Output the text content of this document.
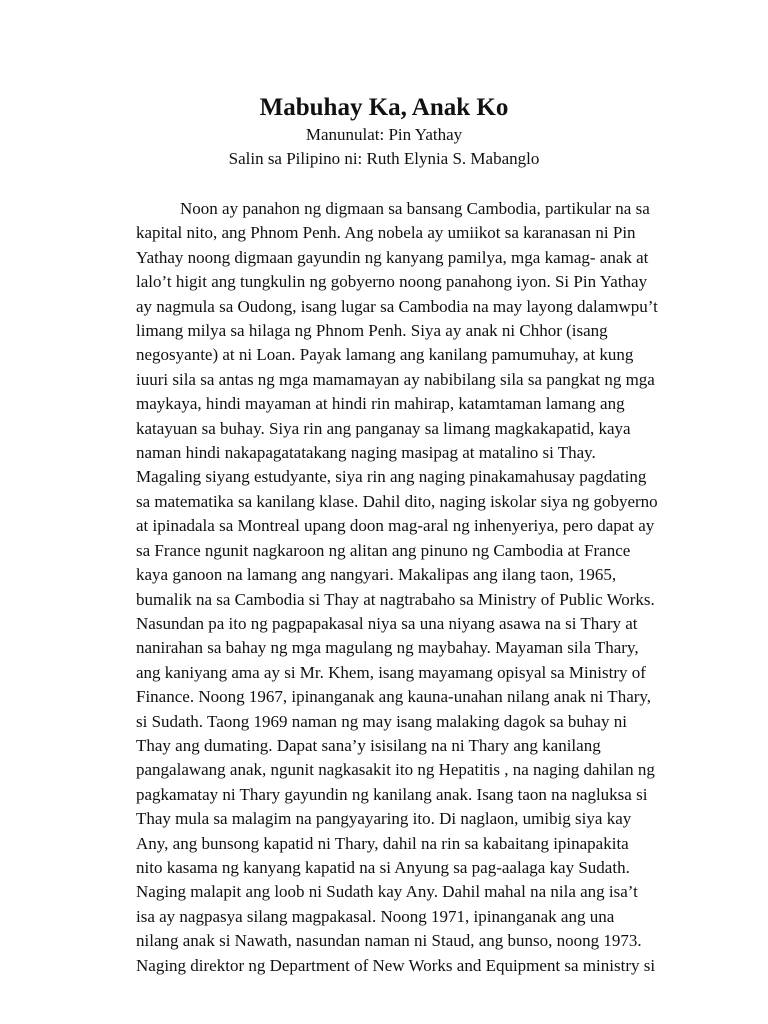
Mabuhay Ka, Anak Ko

Manunulat: Pin Yathay

Salin sa Pilipino ni: Ruth Elynia S. Mabanglo

Noon ay panahon ng digmaan sa bansang Cambodia, partikular na sa
kapital nito, ang Phnom Penh. Ang nobela ay umiikot sa karanasan ni Pin
Yathay noong digmaan gayundin ng kanyang pamilya, mga kamag- anak at
lalo’t higit ang tungkulin ng gobyerno noong panahong iyon. Si Pin Yathay
ay nagmula sa Oudong, isang lugar sa Cambodia na may layong dalamwpu’t
limang milya sa hilaga ng Phnom Penh. Siya ay anak ni Chhor (isang
negosyante) at ni Loan. Payak lamang ang kanilang pamumuhay, at kung
iuuri sila sa antas ng mga mamamayan ay nabibilang sila sa pangkat ng mga
maykaya, hindi mayaman at hindi rin mahirap, katamtaman lamang ang
katayuan sa buhay. Siya rin ang panganay sa limang magkakapatid, kaya
naman hindi nakapagatatakang naging masipag at matalino si Thay.
Magaling siyang estudyante, siya rin ang naging pinakamahusay pagdating
sa matematika sa kanilang klase. Dahil dito, naging iskolar siya ng gobyerno
at ipinadala sa Montreal upang doon mag-aral ng inhenyeriya, pero dapat ay
sa France ngunit nagkaroon ng alitan ang pinuno ng Cambodia at France
kaya ganoon na lamang ang nangyari. Makalipas ang ilang taon, 1965,
bumalik na sa Cambodia si Thay at nagtrabaho sa Ministry of Public Works.
Nasundan pa ito ng pagpapakasal niya sa una niyang asawa na si Thary at
nanirahan sa bahay ng mga magulang ng maybahay. Mayaman sila Thary,
ang kaniyang ama ay si Mr. Khem, isang mayamang opisyal sa Ministry of
Finance. Noong 1967, ipinanganak ang kauna-unahan nilang anak ni Thary,
si Sudath. Taong 1969 naman ng may isang malaking dagok sa buhay ni
Thay ang dumating. Dapat sana’y isisilang na ni Thary ang kanilang
pangalawang anak, ngunit nagkasakit ito ng Hepatitis , na naging dahilan ng
pagkamatay ni Thary gayundin ng kanilang anak. Isang taon na nagluksa si
Thay mula sa malagim na pangyayaring ito. Di naglaon, umibig siya kay
Any, ang bunsong kapatid ni Thary, dahil na rin sa kabaitang ipinapakita
nito kasama ng kanyang kapatid na si Anyung sa pag-aalaga kay Sudath.
Naging malapit ang loob ni Sudath kay Any. Dahil mahal na nila ang isa’t
isa ay nagpasya silang magpakasal. Noong 1971, ipinanganak ang una
nilang anak si Nawath, nasundan naman ni Staud, ang bunso, noong 1973.
Naging direktor ng Department of New Works and Equipment sa ministry si
